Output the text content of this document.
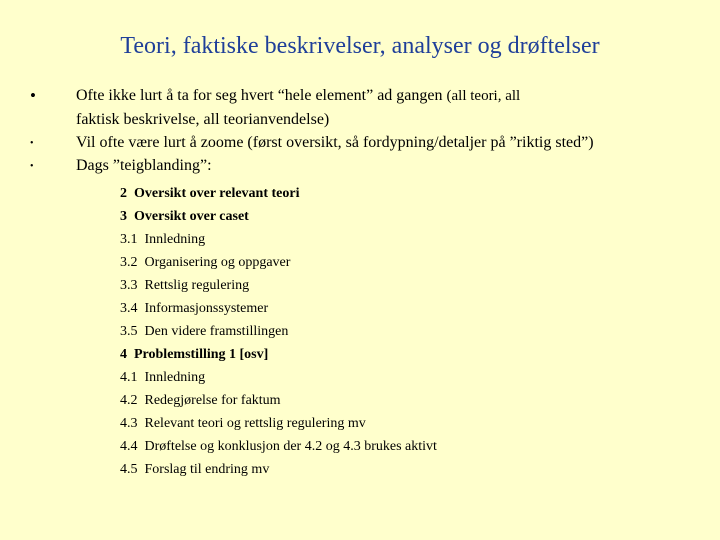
Teori, faktiske beskrivelser, analyser og drøftelser
•	Ofte ikke lurt å ta for seg hvert “hele element” ad gangen (all teori, all
faktisk beskrivelse, all teorianvendelse)
•	Vil ofte være lurt å zoome (først oversikt, så fordypning/detaljer på ”riktig sted”)
•	Dags ”teigblanding”:
2 Oversikt over relevant teori
3 Oversikt over caset
3.1 Innledning
3.2 Organisering og oppgaver
3.3 Rettslig regulering
3.4 Informasjonssystemer
3.5 Den videre framstillingen
4 Problemstilling 1 [osv]
4.1 Innledning
4.2 Redegjørelse for faktum
4.3 Relevant teori og rettslig regulering mv
4.4 Drøftelse og konklusjon der 4.2 og 4.3 brukes aktivt
4.5 Forslag til endring mv
